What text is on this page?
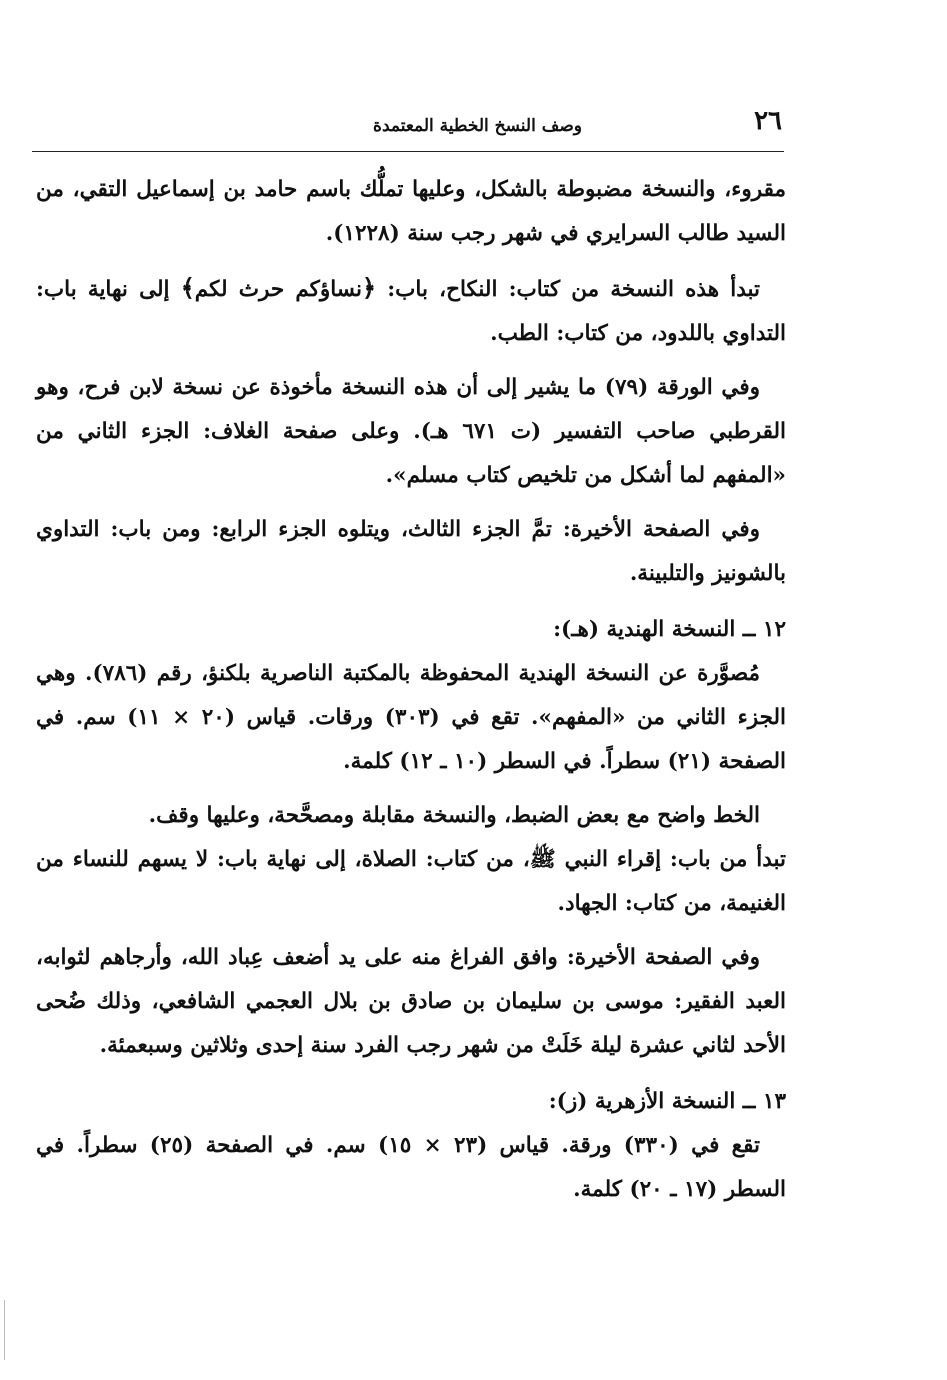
٢٦
وصف النسخ الخطية المعتمدة

مقروء، والنسخة مضبوطة بالشكل، وعليها تملُّك باسم حامد بن إسماعيل التقي، من السيد طالب السرايري في شهر رجب سنة (١٢٢٨).

تبدأ هذه النسخة من كتاب: النكاح، باب: ﴿نساؤكم حرث لكم﴾ إلى نهاية باب: التداوي باللدود، من كتاب: الطب.

وفي الورقة (٧٩) ما يشير إلى أن هذه النسخة مأخوذة عن نسخة لابن فرح، وهو القرطبي صاحب التفسير (ت ٦٧١ هـ). وعلى صفحة الغلاف: الجزء الثاني من «المفهم لما أشكل من تلخيص كتاب مسلم».

وفي الصفحة الأخيرة: تمَّ الجزء الثالث، ويتلوه الجزء الرابع: ومن باب: التداوي بالشونيز والتلبينة.

١٢ ــ النسخة الهندية (هـ):

مُصوَّرة عن النسخة الهندية المحفوظة بالمكتبة الناصرية بلكنؤ، رقم (٧٨٦). وهي الجزء الثاني من «المفهم». تقع في (٣٠٣) ورقات. قياس (٢٠ × ١١) سم. في الصفحة (٢١) سطراً. في السطر (١٠ ـ ١٢) كلمة.

الخط واضح مع بعض الضبط، والنسخة مقابلة ومصحَّحة، وعليها وقف.

تبدأ من باب: إقراء النبي ﷺ، من كتاب: الصلاة، إلى نهاية باب: لا يسهم للنساء من الغنيمة، من كتاب: الجهاد.

وفي الصفحة الأخيرة: وافق الفراغ منه على يد أضعف عِباد الله، وأرجاهم لثوابه، العبد الفقير: موسى بن سليمان بن صادق بن بلال العجمي الشافعي، وذلك ضُحى الأحد لثاني عشرة ليلة خَلَتْ من شهر رجب الفرد سنة إحدى وثلاثين وسبعمئة.

١٣ ــ النسخة الأزهرية (ز):

تقع في (٣٣٠) ورقة. قياس (٢٣ × ١٥) سم. في الصفحة (٢٥) سطراً. في السطر (١٧ ـ ٢٠) كلمة.
